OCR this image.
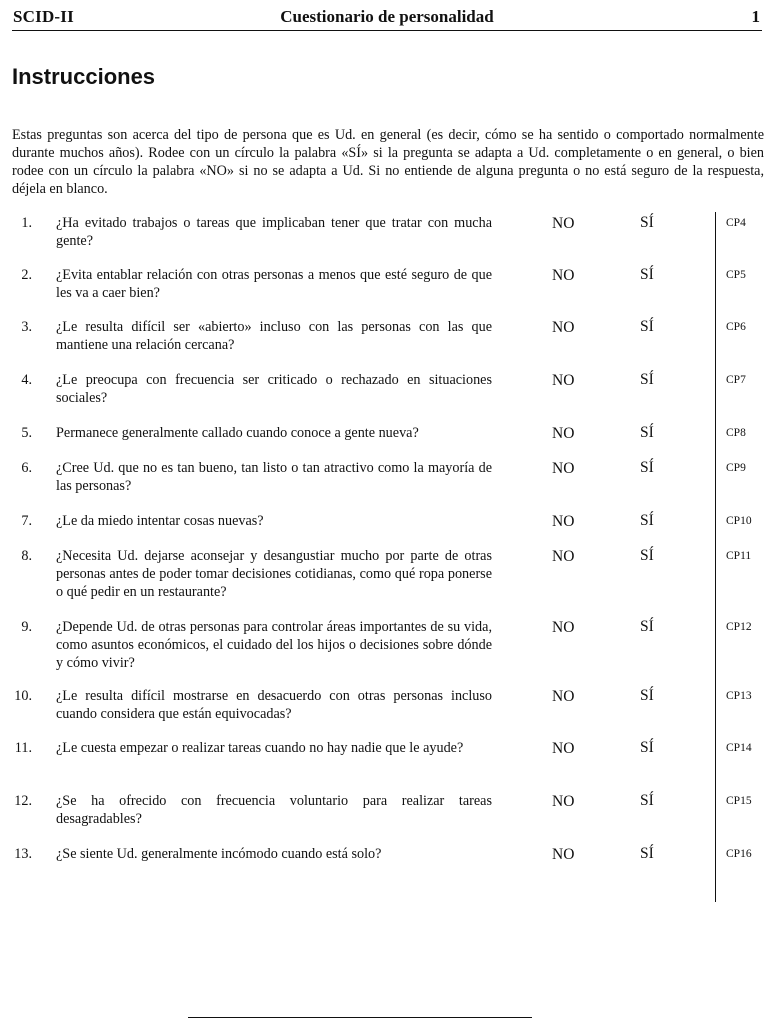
SCID-II	Cuestionario de personalidad	1
Instrucciones
Estas preguntas son acerca del tipo de persona que es Ud. en general (es decir, cómo se ha sentido o comportado normalmente durante muchos años). Rodee con un círculo la palabra «SÍ» si la pregunta se adapta a Ud. completamente o en general, o bien rodee con un círculo la palabra «NO» si no se adapta a Ud. Si no entiende de alguna pregunta o no está seguro de la respuesta, déjela en blanco.
1. ¿Ha evitado trabajos o tareas que implicaban tener que tratar con mucha gente?
NO	SÍ	CP4
2. ¿Evita entablar relación con otras personas a menos que esté seguro de que les va a caer bien?
NO	SÍ	CP5
3. ¿Le resulta difícil ser «abierto» incluso con las personas con las que mantiene una relación cercana?
NO	SÍ	CP6
4. ¿Le preocupa con frecuencia ser criticado o rechazado en situaciones sociales?
NO	SÍ	CP7
5. Permanece generalmente callado cuando conoce a gente nueva?	NO	SÍ	CP8
6. ¿Cree Ud. que no es tan bueno, tan listo o tan atractivo como la mayoría de las personas?
NO	SÍ	CP9
7. ¿Le da miedo intentar cosas nuevas?	NO	SÍ	CP10
8. ¿Necesita Ud. dejarse aconsejar y desangustiar mucho por parte de otras personas antes de poder tomar decisiones cotidianas, como qué ropa ponerse o qué pedir en un restaurante?
NO	SÍ	CP11
9. ¿Depende Ud. de otras personas para controlar áreas importantes de su vida, como asuntos económicos, el cuidado del los hijos o decisiones sobre dónde y cómo vivir?
NO	SÍ	CP12
10. ¿Le resulta difícil mostrarse en desacuerdo con otras personas incluso cuando considera que están equivocadas?
NO	SÍ	CP13
11. ¿Le cuesta empezar o realizar tareas cuando no hay nadie que le ayude?	NO	SÍ	CP14
12. ¿Se ha ofrecido con frecuencia voluntario para realizar tareas desagradables?
NO	SÍ	CP15
13. ¿Se siente Ud. generalmente incómodo cuando está solo?	NO	SÍ	CP16
